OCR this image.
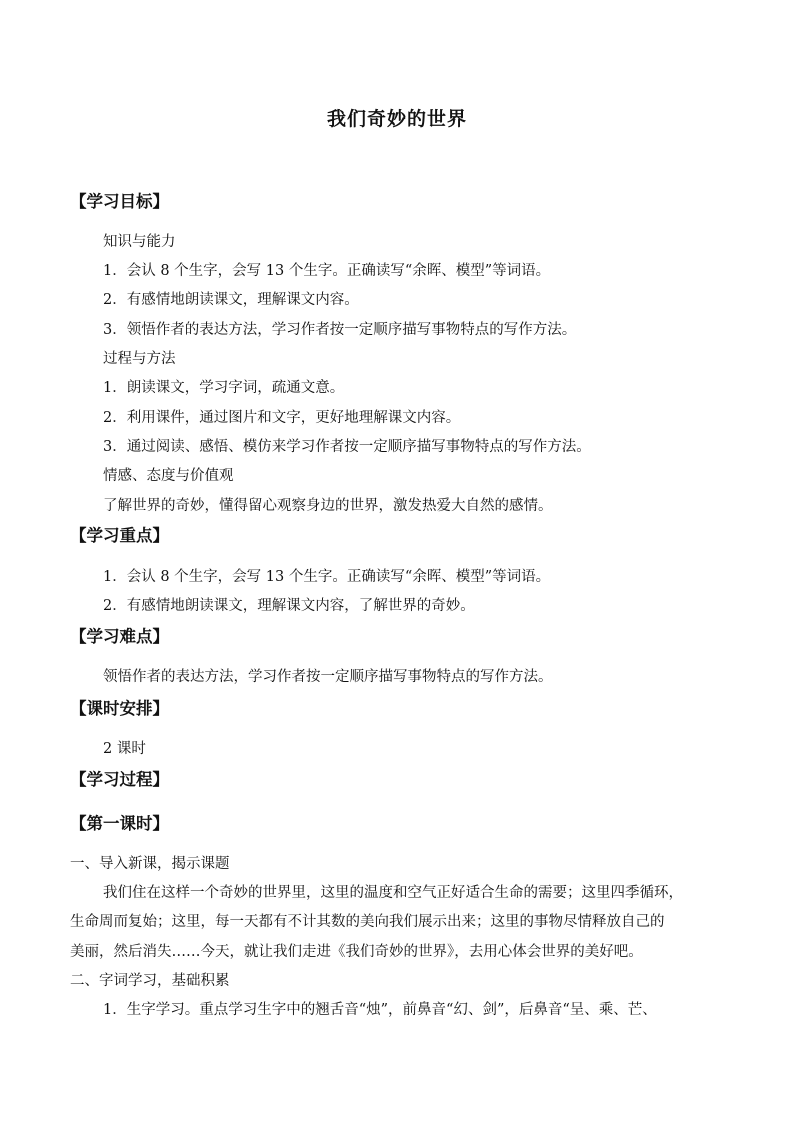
我们奇妙的世界
【学习目标】
知识与能力
1．会认 8 个生字，会写 13 个生字。正确读写“余晖、模型”等词语。
2．有感情地朗读课文，理解课文内容。
3．领悟作者的表达方法，学习作者按一定顺序描写事物特点的写作方法。
过程与方法
1．朗读课文，学习字词，疏通文意。
2．利用课件，通过图片和文字，更好地理解课文内容。
3．通过阅读、感悟、模仿来学习作者按一定顺序描写事物特点的写作方法。
情感、态度与价值观
了解世界的奇妙，懂得留心观察身边的世界，激发热爱大自然的感情。
【学习重点】
1．会认 8 个生字，会写 13 个生字。正确读写“余晖、模型”等词语。
2．有感情地朗读课文，理解课文内容，了解世界的奇妙。
【学习难点】
领悟作者的表达方法，学习作者按一定顺序描写事物特点的写作方法。
【课时安排】
2 课时
【学习过程】
【第一课时】
一、导入新课，揭示课题
我们住在这样一个奇妙的世界里，这里的温度和空气正好适合生命的需要；这里四季循环，
生命周而复始；这里，每一天都有不计其数的美向我们展示出来；这里的事物尽情释放自己的
美丽，然后消失……今天，就让我们走进《我们奇妙的世界》，去用心体会世界的美好吧。
二、字词学习，基础积累
1．生字学习。重点学习生字中的翘舌音“烛”，前鼻音“幻、剑”，后鼻音“呈、乘、芒、
